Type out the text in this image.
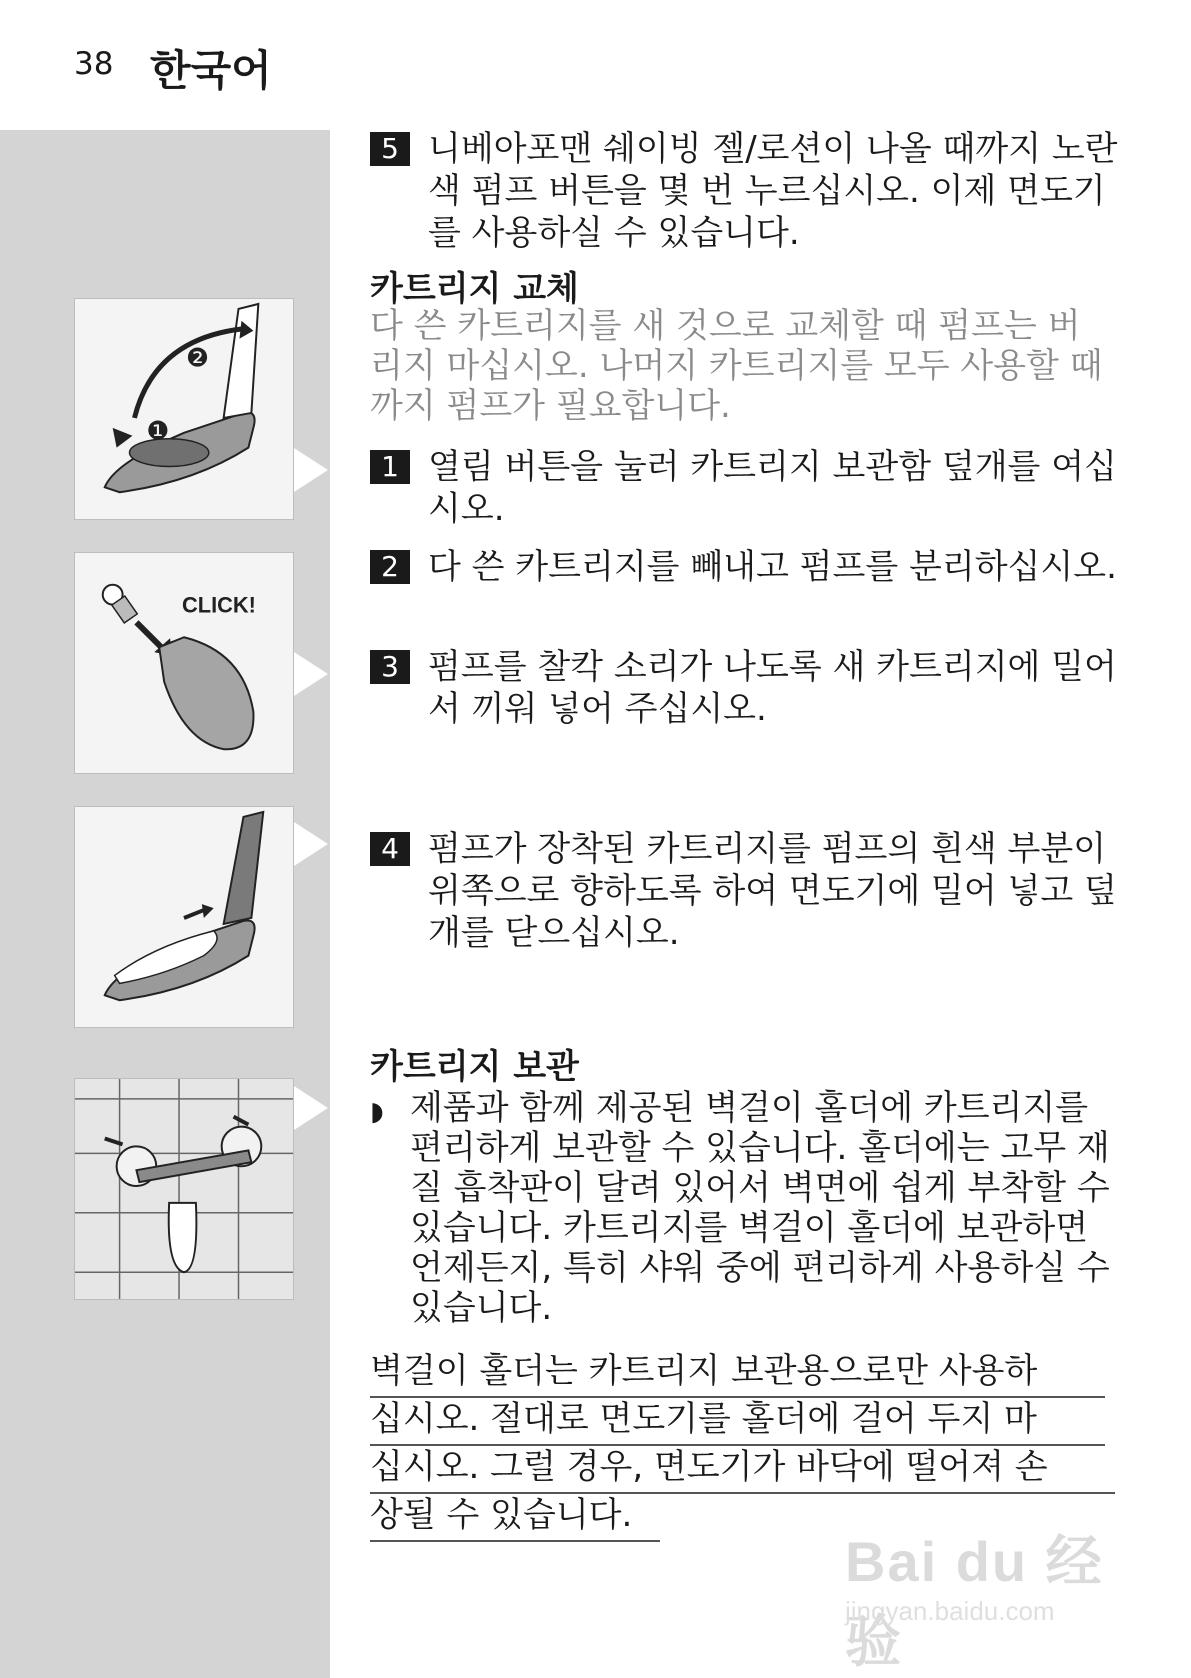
38 한국어
❷
❶
CLICK!
5 니베아포맨 쉐이빙 젤/로션이 나올 때까지 노란색 펌프 버튼을 몇 번 누르십시오. 이제 면도기를 사용하실 수 있습니다.
카트리지 교체
다 쓴 카트리지를 새 것으로 교체할 때 펌프는 버리지 마십시오. 나머지 카트리지를 모두 사용할 때까지 펌프가 필요합니다.
1 열림 버튼을 눌러 카트리지 보관함 덮개를 여십시오.
2 다 쓴 카트리지를 빼내고 펌프를 분리하십시오.
3 펌프를 찰칵 소리가 나도록 새 카트리지에 밀어서 끼워 넣어 주십시오.
4 펌프가 장착된 카트리지를 펌프의 흰색 부분이 위쪽으로 향하도록 하여 면도기에 밀어 넣고 덮개를 닫으십시오.
카트리지 보관
◗ 제품과 함께 제공된 벽걸이 홀더에 카트리지를 편리하게 보관할 수 있습니다. 홀더에는 고무 재질 흡착판이 달려 있어서 벽면에 쉽게 부착할 수 있습니다. 카트리지를 벽걸이 홀더에 보관하면 언제든지, 특히 샤워 중에 편리하게 사용하실 수 있습니다.
벽걸이 홀더는 카트리지 보관용으로만 사용하
십시오. 절대로 면도기를 홀더에 걸어 두지 마
십시오. 그럴 경우, 면도기가 바닥에 떨어져 손
상될 수 있습니다.
Bai du 经验
jingyan.baidu.com
